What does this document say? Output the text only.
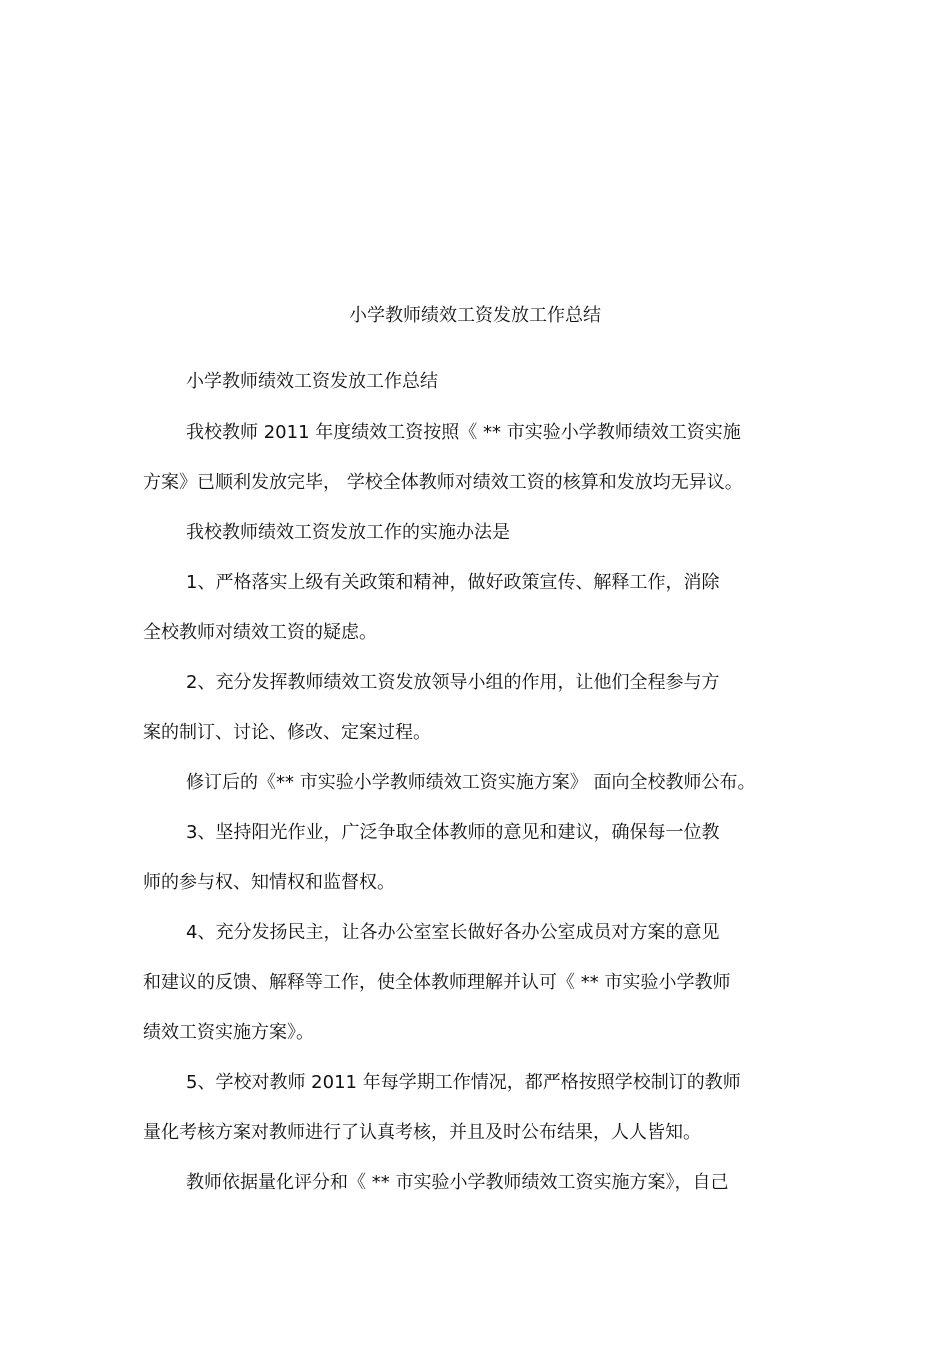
小学教师绩效工资发放工作总结
小学教师绩效工资发放工作总结
我校教师 2011 年度绩效工资按照《 ** 市实验小学教师绩效工资实施
方案》已顺利发放完毕， 学校全体教师对绩效工资的核算和发放均无异议。
我校教师绩效工资发放工作的实施办法是
1、严格落实上级有关政策和精神，做好政策宣传、解释工作，消除
全校教师对绩效工资的疑虑。
2、充分发挥教师绩效工资发放领导小组的作用，让他们全程参与方
案的制订、讨论、修改、定案过程。
修订后的《** 市实验小学教师绩效工资实施方案》 面向全校教师公布。
3、坚持阳光作业，广泛争取全体教师的意见和建议，确保每一位教
师的参与权、知情权和监督权。
4、充分发扬民主，让各办公室室长做好各办公室成员对方案的意见
和建议的反馈、解释等工作，使全体教师理解并认可《 ** 市实验小学教师
绩效工资实施方案》。
5、学校对教师 2011 年每学期工作情况，都严格按照学校制订的教师
量化考核方案对教师进行了认真考核，并且及时公布结果，人人皆知。
教师依据量化评分和《 ** 市实验小学教师绩效工资实施方案》，自己
